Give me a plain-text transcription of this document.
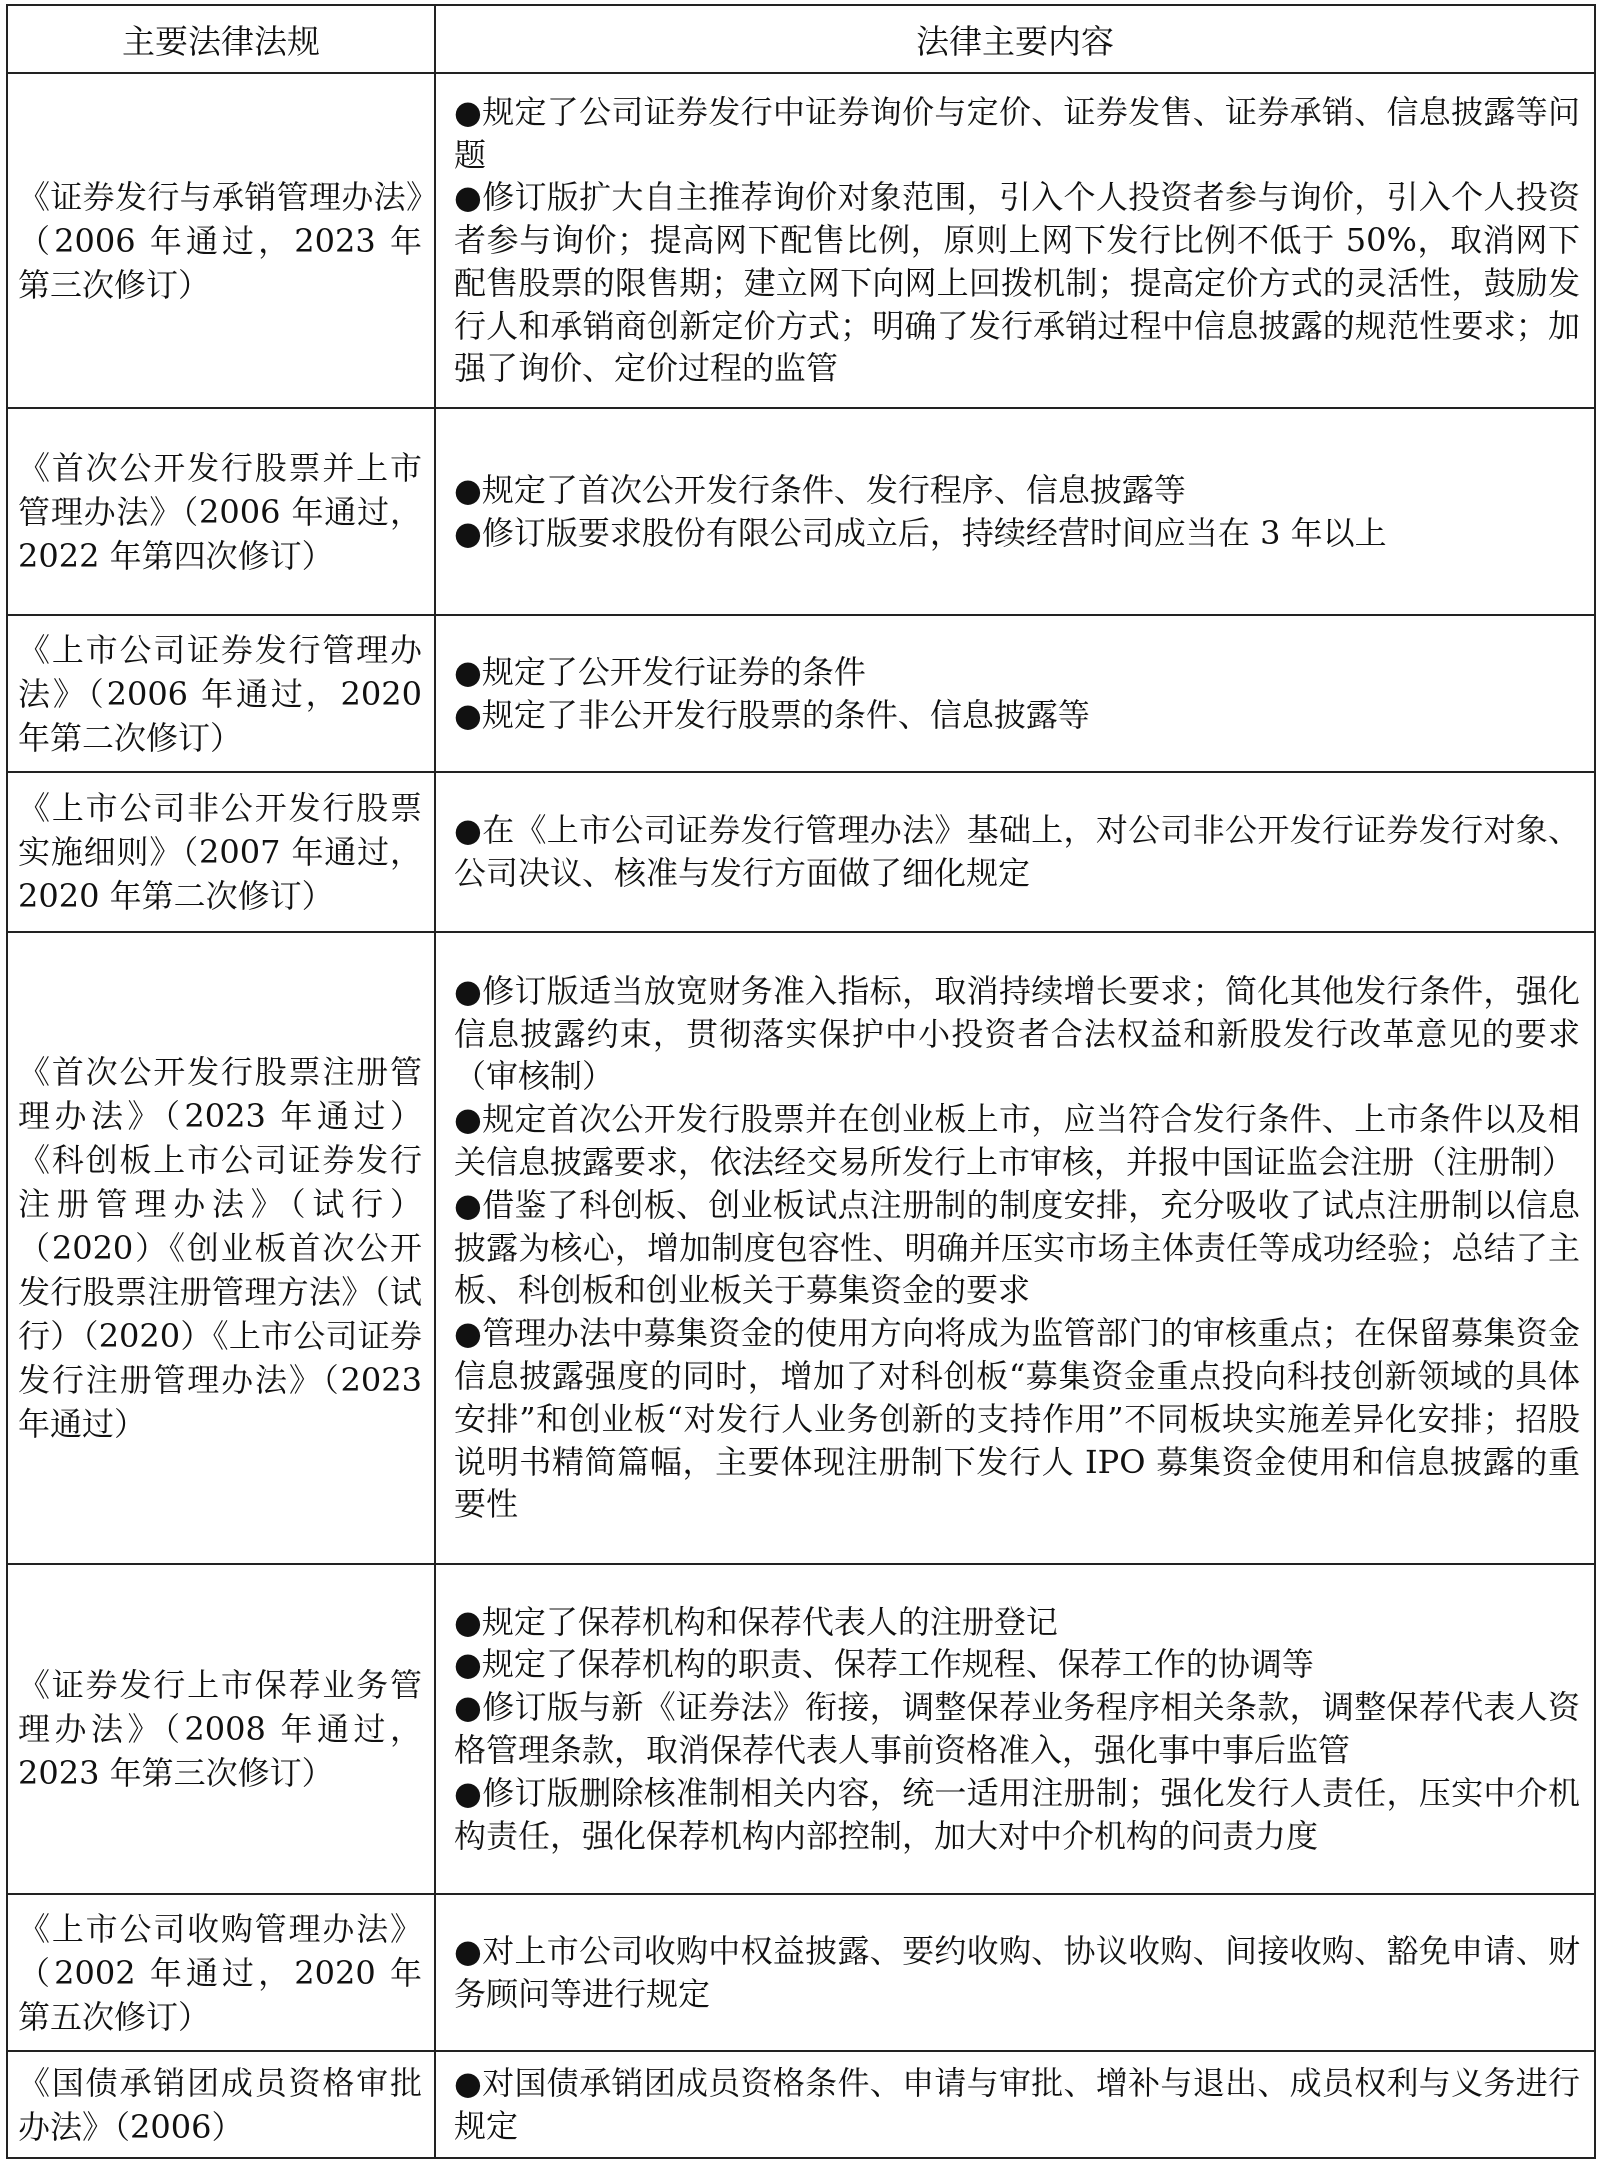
主要法律法规	法律主要内容
《证券发行与承销管理办法》（2006 年通过，2023 年第三次修订）	●规定了公司证券发行中证券询价与定价、证券发售、证券承销、信息披露等问题
●修订版扩大自主推荐询价对象范围，引入个人投资者参与询价，引入个人投资者参与询价；提高网下配售比例，原则上网下发行比例不低于 50%，取消网下配售股票的限售期；建立网下向网上回拨机制；提高定价方式的灵活性，鼓励发行人和承销商创新定价方式；明确了发行承销过程中信息披露的规范性要求；加强了询价、定价过程的监管

《首次公开发行股票并上市管理办法》（2006 年通过，2022 年第四次修订）	●规定了首次公开发行条件、发行程序、信息披露等
●修订版要求股份有限公司成立后，持续经营时间应当在 3 年以上

《上市公司证券发行管理办法》（2006 年通过，2020 年第二次修订）	●规定了公开发行证券的条件
●规定了非公开发行股票的条件、信息披露等

《上市公司非公开发行股票实施细则》（2007 年通过，2020 年第二次修订）	●在《上市公司证券发行管理办法》基础上，对公司非公开发行证券发行对象、公司决议、核准与发行方面做了细化规定

《首次公开发行股票注册管理办法》（2023 年通过）《科创板上市公司证券发行注册管理办法》（试行）（2020）《创业板首次公开发行股票注册管理方法》（试行）（2020）《上市公司证券发行注册管理办法》（2023 年通过）	●修订版适当放宽财务准入指标，取消持续增长要求；简化其他发行条件，强化信息披露约束，贯彻落实保护中小投资者合法权益和新股发行改革意见的要求（审核制）
●规定首次公开发行股票并在创业板上市，应当符合发行条件、上市条件以及相关信息披露要求，依法经交易所发行上市审核，并报中国证监会注册（注册制）
●借鉴了科创板、创业板试点注册制的制度安排，充分吸收了试点注册制以信息披露为核心，增加制度包容性、明确并压实市场主体责任等成功经验；总结了主板、科创板和创业板关于募集资金的要求
●管理办法中募集资金的使用方向将成为监管部门的审核重点；在保留募集资金信息披露强度的同时，增加了对科创板“募集资金重点投向科技创新领域的具体安排”和创业板“对发行人业务创新的支持作用”不同板块实施差异化安排；招股说明书精简篇幅，主要体现注册制下发行人 IPO 募集资金使用和信息披露的重要性

《证券发行上市保荐业务管理办法》（2008 年通过，2023 年第三次修订）	●规定了保荐机构和保荐代表人的注册登记
●规定了保荐机构的职责、保荐工作规程、保荐工作的协调等
●修订版与新《证券法》衔接，调整保荐业务程序相关条款，调整保荐代表人资格管理条款，取消保荐代表人事前资格准入，强化事中事后监管
●修订版删除核准制相关内容，统一适用注册制；强化发行人责任，压实中介机构责任，强化保荐机构内部控制，加大对中介机构的问责力度

《上市公司收购管理办法》（2002 年通过，2020 年第五次修订）	●对上市公司收购中权益披露、要约收购、协议收购、间接收购、豁免申请、财务顾问等进行规定

《国债承销团成员资格审批办法》（2006）	●对国债承销团成员资格条件、申请与审批、增补与退出、成员权利与义务进行规定
